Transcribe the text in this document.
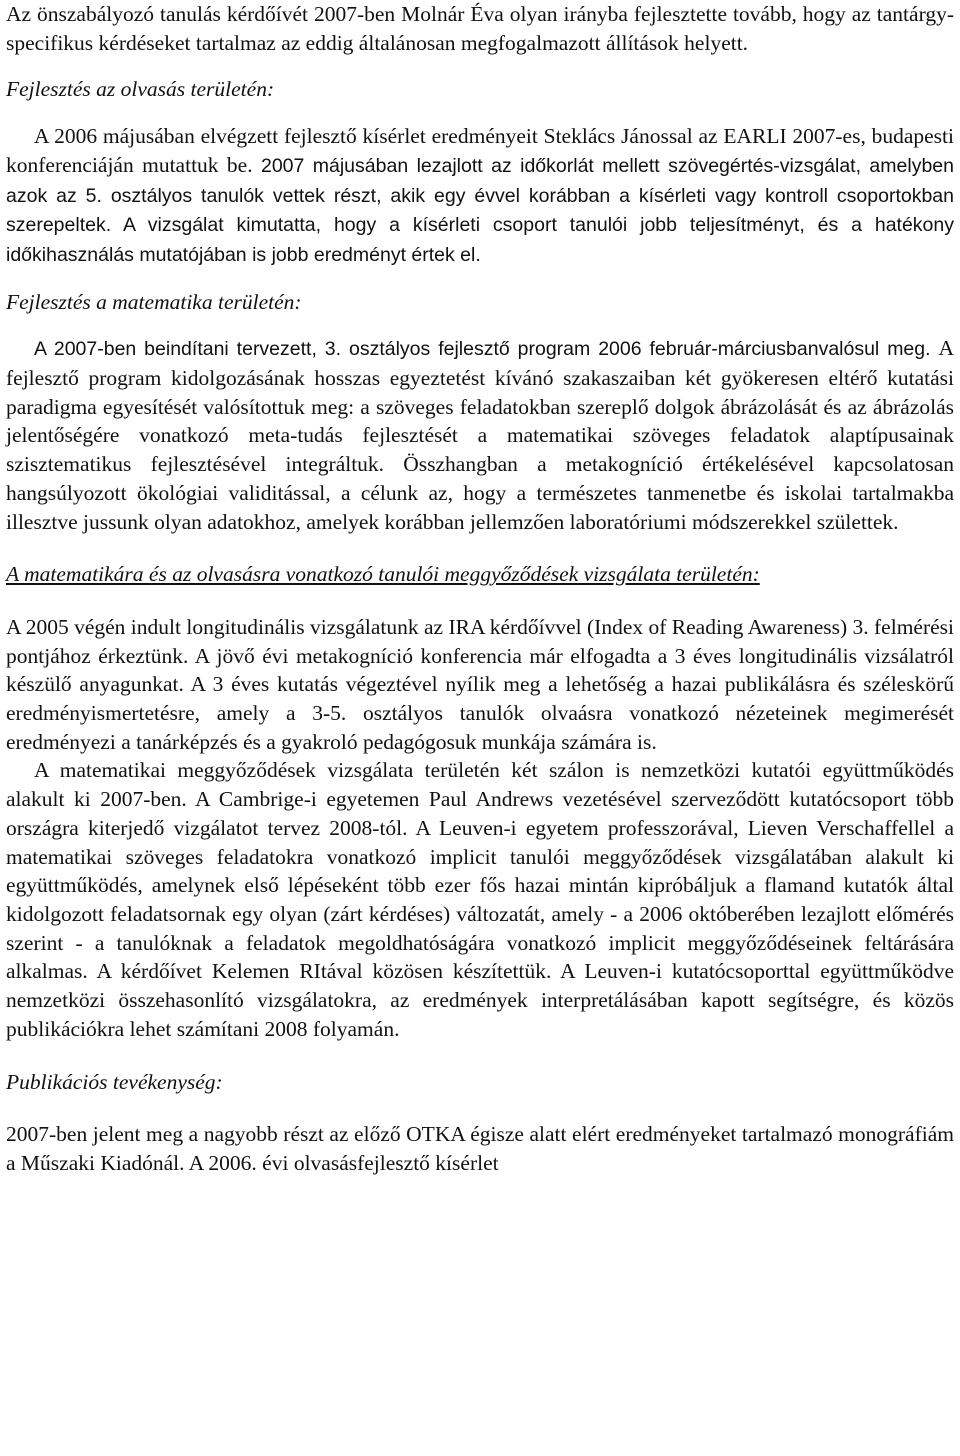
Az önszabályozó tanulás kérdőívét 2007-ben Molnár Éva olyan irányba fejlesztette tovább, hogy az tantárgy-specifikus kérdéseket tartalmaz az eddig általánosan megfogalmazott állítások helyett.

Fejlesztés az olvasás területén:

A 2006 májusában elvégzett fejlesztő kísérlet eredményeit Steklács Jánossal az EARLI 2007-es, budapesti konferenciáján mutattuk be. 2007 májusában lezajlott az időkorlát mellett szövegértés-vizsgálat, amelyben azok az 5. osztályos tanulók vettek részt, akik egy évvel korábban a kísérleti vagy kontroll csoportokban szerepeltek. A vizsgálat kimutatta, hogy a kísérleti csoport tanulói jobb teljesítményt, és a hatékony időkihasználás mutatójában is jobb eredményt értek el.

Fejlesztés a matematika területén:

A 2007-ben beindítani tervezett, 3. osztályos fejlesztő program 2006 február-márciusbanvalósul meg. A fejlesztő program kidolgozásának hosszas egyeztetést kívánó szakaszaiban két gyökeresen eltérő kutatási paradigma egyesítését valósítottuk meg: a szöveges feladatokban szereplő dolgok ábrázolását és az ábrázolás jelentőségére vonatkozó meta-tudás fejlesztését a matematikai szöveges feladatok alaptípusainak szisztematikus fejlesztésével integráltuk. Összhangban a metakogníció értékelésével kapcsolatosan hangsúlyozott ökológiai validitással, a célunk az, hogy a természetes tanmenetbe és iskolai tartalmakba illesztve jussunk olyan adatokhoz, amelyek korábban jellemzően laboratóriumi módszerekkel születtek.

A matematikára és az olvasásra vonatkozó tanulói meggyőződések vizsgálata területén:

A 2005 végén indult longitudinális vizsgálatunk az IRA kérdőívvel (Index of Reading Awareness) 3. felmérési pontjához érkeztünk. A jövő évi metakogníció konferencia már elfogadta a 3 éves longitudinális vizsálatról készülő anyagunkat. A 3 éves kutatás végeztével nyílik meg a lehetőség a hazai publikálásra és széleskörű eredményismertetésre, amely a 3-5. osztályos tanulók olvaásra vonatkozó nézeteinek megimerését eredményezi a tanárképzés és a gyakroló pedagógosuk munkája számára is.

A matematikai meggyőződések vizsgálata területén két szálon is nemzetközi kutatói együttműködés alakult ki 2007-ben. A Cambrige-i egyetemen Paul Andrews vezetésével szerveződött kutatócsoport több országra kiterjedő vizgálatot tervez 2008-tól. A Leuven-i egyetem professzorával, Lieven Verschaffellel a matematikai szöveges feladatokra vonatkozó implicit tanulói meggyőződések vizsgálatában alakult ki együttműködés, amelynek első lépéseként több ezer fős hazai mintán kipróbáljuk a flamand kutatók által kidolgozott feladatsornak egy olyan (zárt kérdéses) változatát, amely - a 2006 októberében lezajlott előmérés szerint - a tanulóknak a feladatok megoldhatóságára vonatkozó implicit meggyőződéseinek feltárására alkalmas. A kérdőívet Kelemen RItával közösen készítettük. A Leuven-i kutatócsoporttal együttműködve nemzetközi összehasonlító vizsgálatokra, az eredmények interpretálásában kapott segítségre, és közös publikációkra lehet számítani 2008 folyamán.

Publikációs tevékenység:

2007-ben jelent meg a nagyobb részt az előző OTKA égisze alatt elért eredményeket tartalmazó monográfiám a Műszaki Kiadónál. A 2006. évi olvasásfejlesztő kísérlet
